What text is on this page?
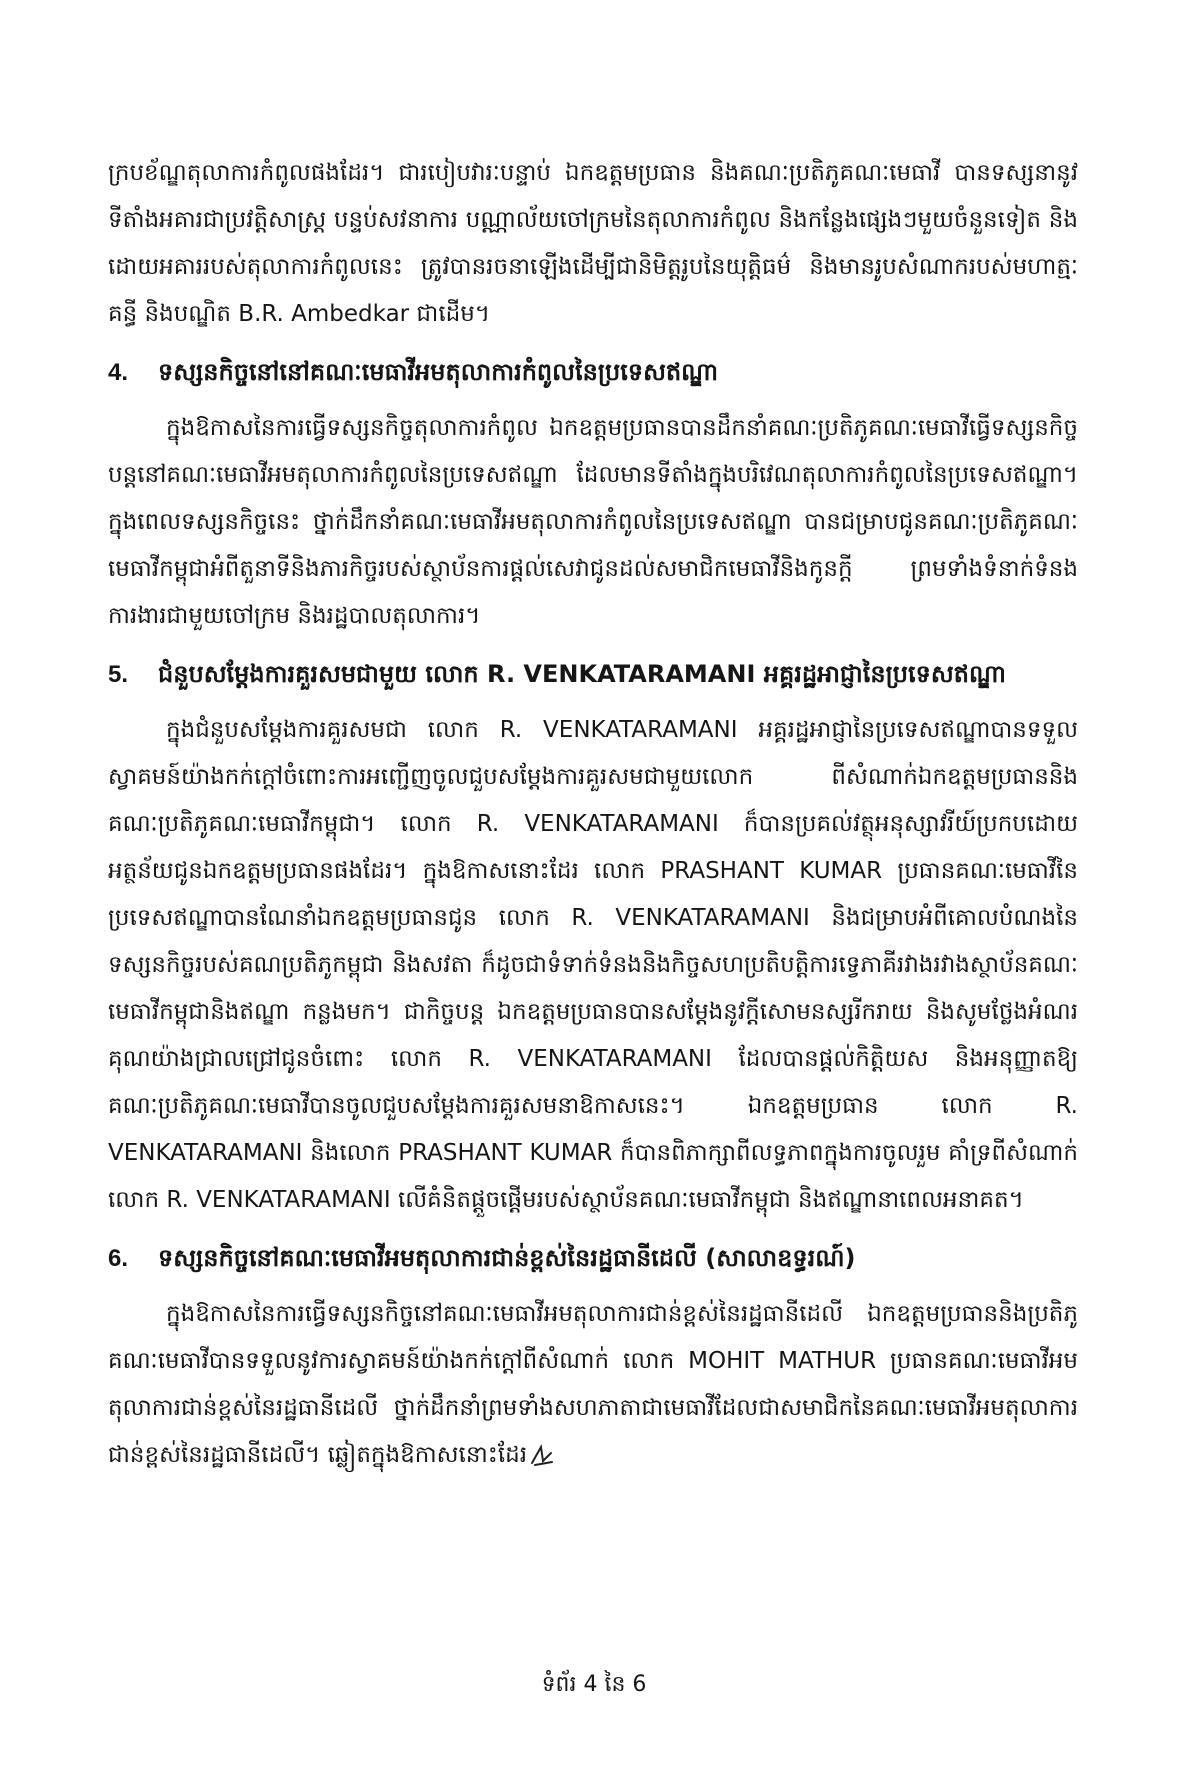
ក្របខ័ណ្ឌតុលាការកំពូលផងដែរ។ ជារបៀបវារៈបន្ទាប់ ឯកឧត្តមប្រធាន និងគណៈប្រតិភូគណៈមេធាវី បានទស្សនានូវទីតាំងអគារជាប្រវត្តិសាស្ត្រ បន្ទប់សវនាការ បណ្ណាល័យចៅក្រមនៃតុលាការកំពូល និងកន្លែងផ្សេងៗមួយចំនួនទៀត និងដោយអគាររបស់តុលាការកំពូលនេះ ត្រូវបានរចនាឡើងដើម្បីជានិមិត្តរូបនៃយុត្តិធម៌ និងមានរូបសំណាករបស់មហាត្មៈ គន្ធី និងបណ្ឌិត B.R. Ambedkar ជាដើម។

4.	ទស្សនកិច្ចនៅនៅគណៈមេធាវីអមតុលាការកំពូលនៃប្រទេសឥណ្ឌា

ក្នុងឱកាសនៃការធ្វើទស្សនកិច្ចតុលាការកំពូល ឯកឧត្តមប្រធានបានដឹកនាំគណៈប្រតិភូគណៈមេធាវីធ្វើទស្សនកិច្ចបន្តនៅគណៈមេធាវីអមតុលាការកំពូលនៃប្រទេសឥណ្ឌា ដែលមានទីតាំងក្នុងបរិវេណតុលាការកំពូលនៃប្រទេសឥណ្ឌា។ ក្នុងពេលទស្សនកិច្ចនេះ ថ្នាក់ដឹកនាំគណៈមេធាវីអមតុលាការកំពូលនៃប្រទេសឥណ្ឌា បានជម្រាបជូនគណៈប្រតិភូគណៈមេធាវីកម្ពុជាអំពីតួនាទីនិងភារកិច្ចរបស់ស្ថាប័នការផ្តល់សេវាជូនដល់សមាជិកមេធាវីនិងកូនក្តី ព្រមទាំងទំនាក់ទំនងការងារជាមួយចៅក្រម និងរដ្ឋបាលតុលាការ។

5.	ជំនួបសម្តែងការគួរសមជាមួយ លោក R. VENKATARAMANI អគ្គរដ្ឋអាជ្ញានៃប្រទេសឥណ្ឌា

ក្នុងជំនួបសម្តែងការគួរសមជា លោក R. VENKATARAMANI អគ្គរដ្ឋអាជ្ញានៃប្រទេសឥណ្ឌាបានទទួលស្វាគមន៍យ៉ាងកក់ក្តៅចំពោះការអញ្ជើញចូលជួបសម្តែងការគួរសមជាមួយលោក ពីសំណាក់ឯកឧត្តមប្រធាននិងគណៈប្រតិភូគណៈមេធាវីកម្ពុជា។ លោក R. VENKATARAMANI ក៏បានប្រគល់វត្ថុអនុស្សាវរីយ៍ប្រកបដោយអត្ថន័យជូនឯកឧត្តមប្រធានផងដែរ។ ក្នុងឱកាសនោះដែរ លោក PRASHANT KUMAR ប្រធានគណៈមេធាវីនៃប្រទេសឥណ្ឌាបានណែនាំឯកឧត្តមប្រធានជូន លោក R. VENKATARAMANI និងជម្រាបអំពីគោលបំណងនៃទស្សនកិច្ចរបស់គណប្រតិភូកម្ពុជា និងសវតា ក៏ដូចជាទំទាក់ទំនងនិងកិច្ចសហប្រតិបត្តិការទ្វេភាគីរវាងរវាងស្ថាប័នគណៈមេធាវីកម្ពុជានិងឥណ្ឌា កន្លងមក។ ជាកិច្ចបន្ត ឯកឧត្តមប្រធានបានសម្តែងនូវក្តីសោមនស្សរីករាយ និងសូមថ្លែងអំណរគុណយ៉ាងជ្រាលជ្រៅជូនចំពោះ លោក R. VENKATARAMANI ដែលបានផ្តល់កិត្តិយស និងអនុញ្ញាតឱ្យគណៈប្រតិភូគណៈមេធាវីបានចូលជួបសម្តែងការគួរសមនាឱកាសនេះ។ ឯកឧត្តមប្រធាន លោក R. VENKATARAMANI និងលោក PRASHANT KUMAR ក៏បានពិភាក្សាពីលទ្ធភាពក្នុងការចូលរួម គាំទ្រពីសំណាក់ លោក R. VENKATARAMANI លើគំនិតផ្តួចផ្តើមរបស់ស្ថាប័នគណៈមេធាវីកម្ពុជា និងឥណ្ឌានាពេលអនាគត។

6.	ទស្សនកិច្ចនៅគណៈមេធាវីអមតុលាការជាន់ខ្ពស់នៃរដ្ឋធានីដេលី (សាលាឧទ្ធរណ៍)

ក្នុងឱកាសនៃការធ្វើទស្សនកិច្ចនៅគណៈមេធាវីអមតុលាការជាន់ខ្ពស់នៃរដ្ឋធានីដេលី ឯកឧត្តមប្រធាននិងប្រតិភូគណៈមេធាវីបានទទួលនូវការស្វាគមន៍យ៉ាងកក់ក្តៅពីសំណាក់ លោក MOHIT MATHUR ប្រធានគណៈមេធាវីអមតុលាការជាន់ខ្ពស់នៃរដ្ឋធានីដេលី ថ្នាក់ដឹកនាំព្រមទាំងសហភាតាជាមេធាវីដែលជាសមាជិកនៃគណៈមេធាវីអមតុលាការជាន់ខ្ពស់នៃរដ្ឋធានីដេលី។ ឆ្លៀតក្នុងឱកាសនោះដែរ

ទំព័រ 4 នៃ 6
